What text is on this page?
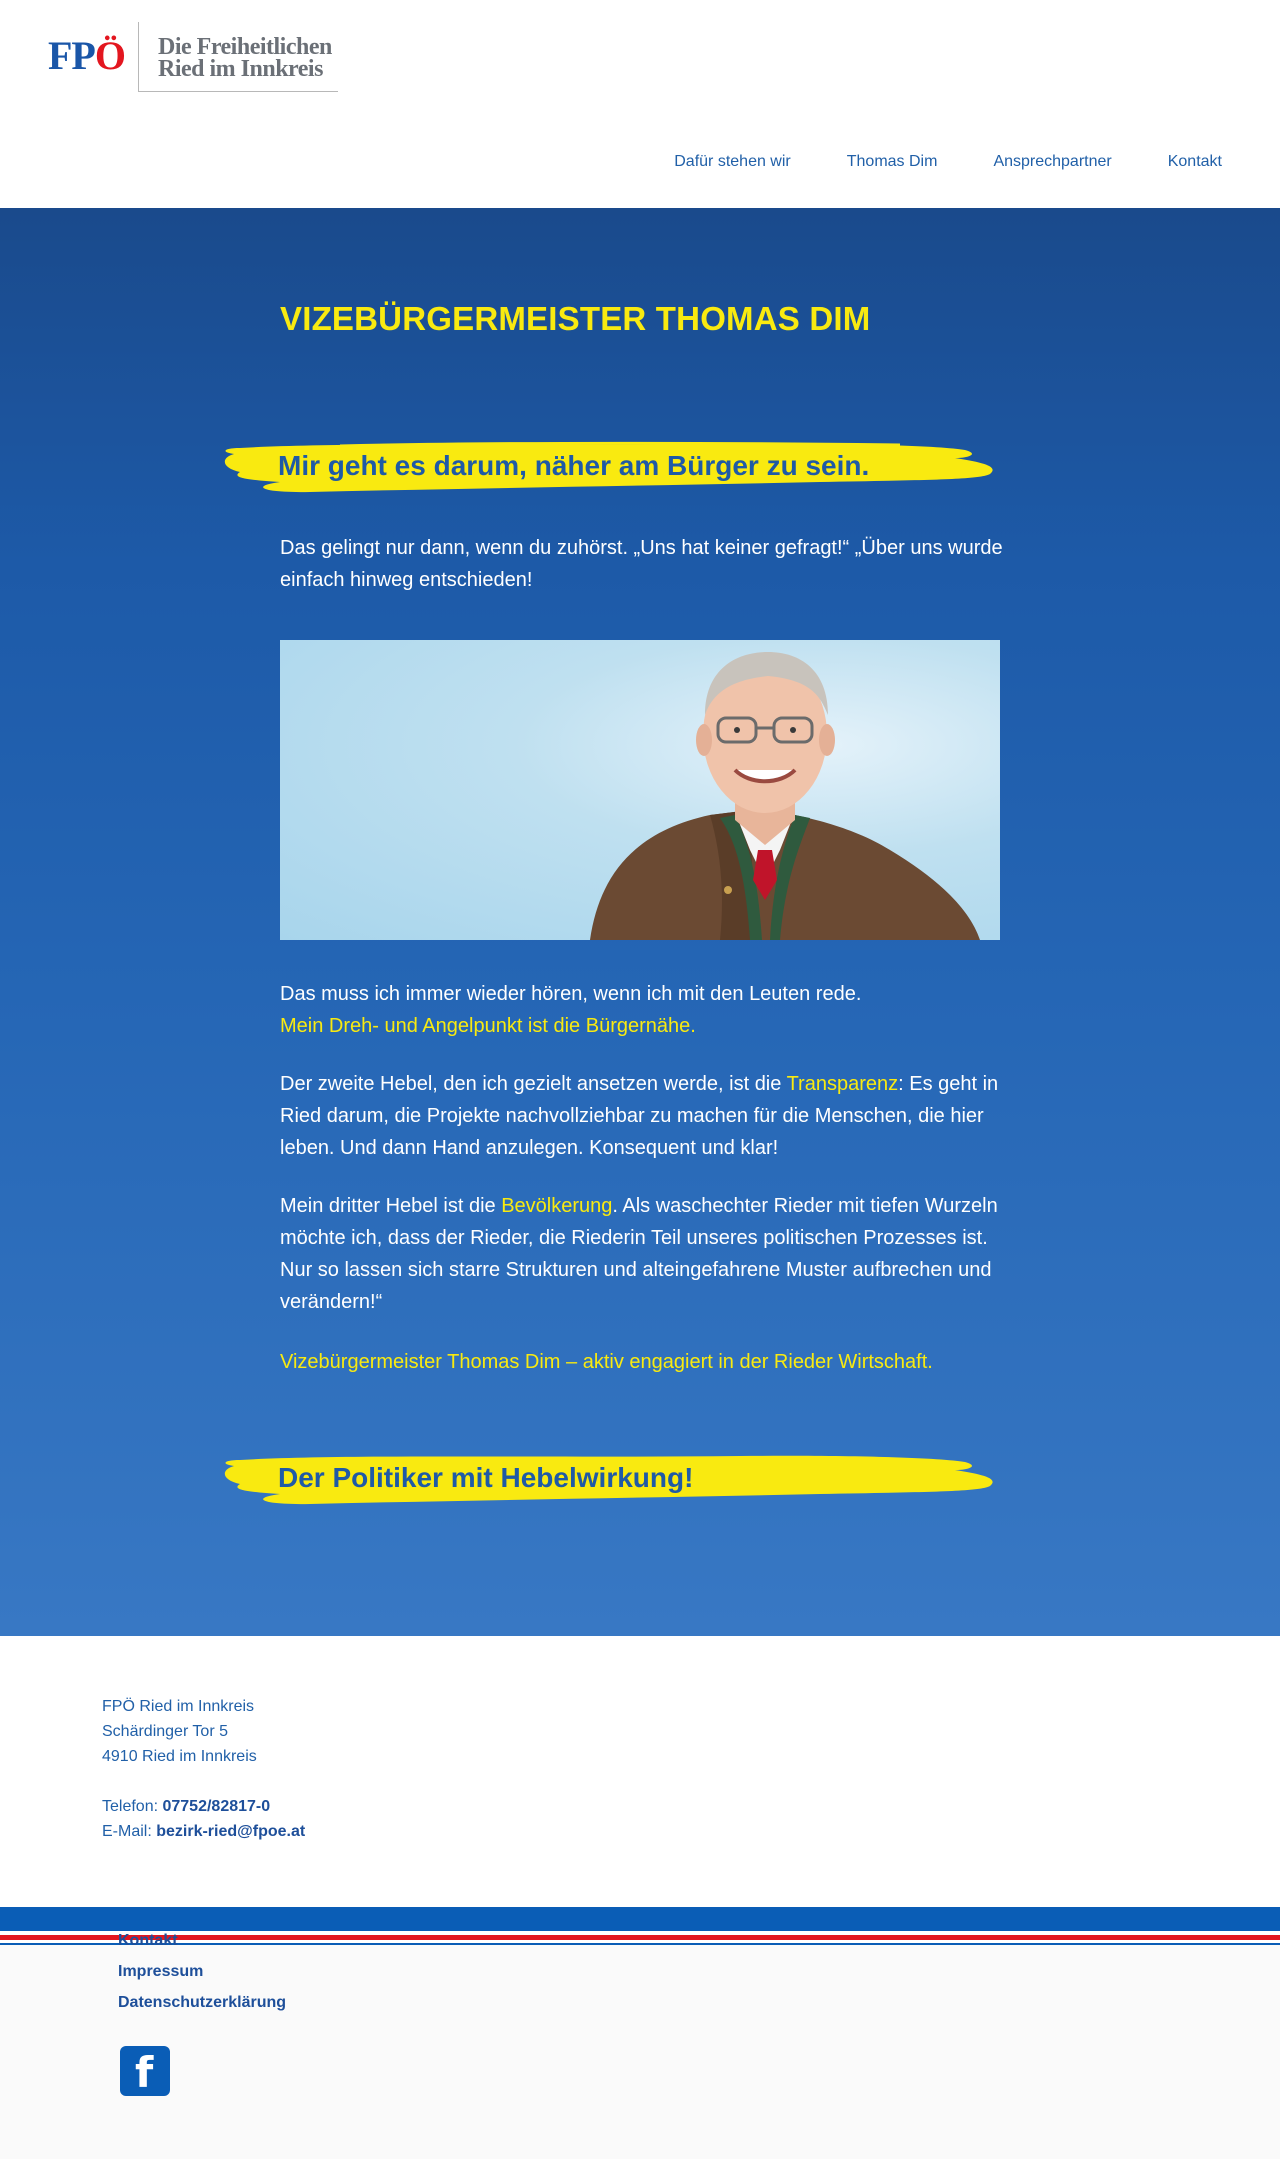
FPÖ Die Freiheitlichen
Ried im Innkreis
Dafür stehen wir	Thomas Dim	Ansprechpartner	Kontakt
VIZEBÜRGERMEISTER THOMAS DIM
Mir geht es darum, näher am Bürger zu sein.
Das gelingt nur dann, wenn du zuhörst. „Uns hat keiner gefragt!“ „Über uns wurde einfach hinweg entschieden!
Das muss ich immer wieder hören, wenn ich mit den Leuten rede.
Mein Dreh- und Angelpunkt ist die Bürgernähe.
Der zweite Hebel, den ich gezielt ansetzen werde, ist die Transparenz: Es geht in Ried darum, die Projekte nachvollziehbar zu machen für die Menschen, die hier leben. Und dann Hand anzulegen. Konsequent und klar!
Mein dritter Hebel ist die Bevölkerung. Als waschechter Rieder mit tiefen Wurzeln möchte ich, dass der Rieder, die Riederin Teil unseres politischen Prozesses ist. Nur so lassen sich starre Strukturen und alteingefahrene Muster aufbrechen und verändern!“
Vizebürgermeister Thomas Dim – aktiv engagiert in der Rieder Wirtschaft.
Der Politiker mit Hebelwirkung!
FPÖ Ried im Innkreis
Schärdinger Tor 5
4910 Ried im Innkreis
Telefon: 07752/82817-0
E-Mail: bezirk-ried@fpoe.at
Kontakt
Impressum
Datenschutzerklärung
f
